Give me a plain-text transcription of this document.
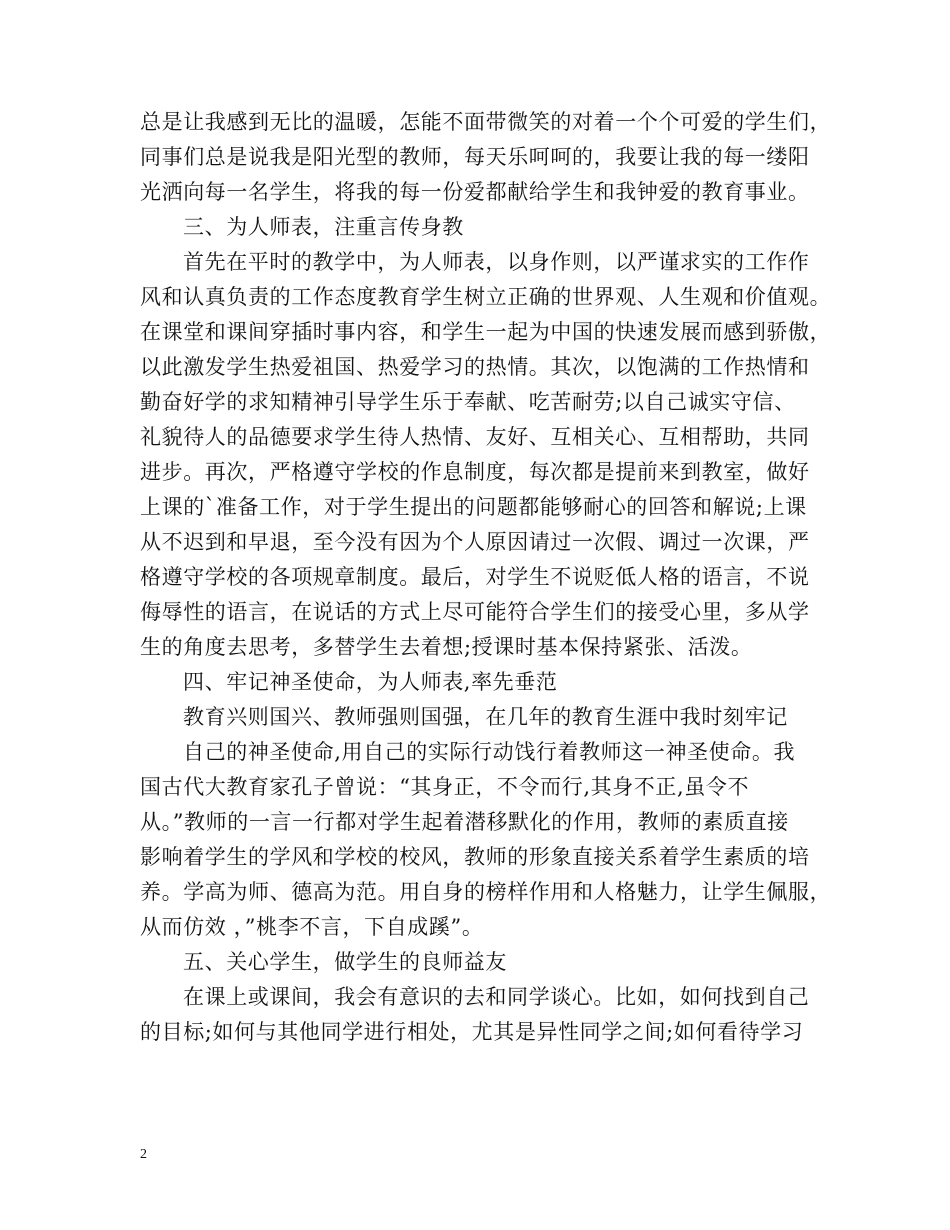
总是让我感到无比的温暖，怎能不面带微笑的对着一个个可爱的学生们，
同事们总是说我是阳光型的教师，每天乐呵呵的，我要让我的每一缕阳
光洒向每一名学生，将我的每一份爱都献给学生和我钟爱的教育事业。
三、为人师表，注重言传身教
首先在平时的教学中，为人师表，以身作则，以严谨求实的工作作
风和认真负责的工作态度教育学生树立正确的世界观、人生观和价值观。
在课堂和课间穿插时事内容，和学生一起为中国的快速发展而感到骄傲，
以此激发学生热爱祖国、热爱学习的热情。其次，以饱满的工作热情和
勤奋好学的求知精神引导学生乐于奉献、吃苦耐劳;以自己诚实守信、
礼貌待人的品德要求学生待人热情、友好、互相关心、互相帮助，共同
进步。再次，严格遵守学校的作息制度，每次都是提前来到教室，做好
上课的`准备工作，对于学生提出的问题都能够耐心的回答和解说;上课
从不迟到和早退，至今没有因为个人原因请过一次假、调过一次课，严
格遵守学校的各项规章制度。最后，对学生不说贬低人格的语言，不说
侮辱性的语言，在说话的方式上尽可能符合学生们的接受心里，多从学
生的角度去思考，多替学生去着想;授课时基本保持紧张、活泼。
四、牢记神圣使命，为人师表,率先垂范
教育兴则国兴、教师强则国强，在几年的教育生涯中我时刻牢记
自己的神圣使命,用自己的实际行动饯行着教师这一神圣使命。我
国古代大教育家孔子曾说：“其身正，不令而行,其身不正,虽令不
从。”教师的一言一行都对学生起着潜移默化的作用，教师的素质直接
影响着学生的学风和学校的校风，教师的形象直接关系着学生素质的培
养。学高为师、德高为范。用自身的榜样作用和人格魅力，让学生佩服，
从而仿效 ，”桃李不言，下自成蹊”。
五、关心学生，做学生的良师益友
在课上或课间，我会有意识的去和同学谈心。比如，如何找到自己
的目标;如何与其他同学进行相处，尤其是异性同学之间;如何看待学习
2
